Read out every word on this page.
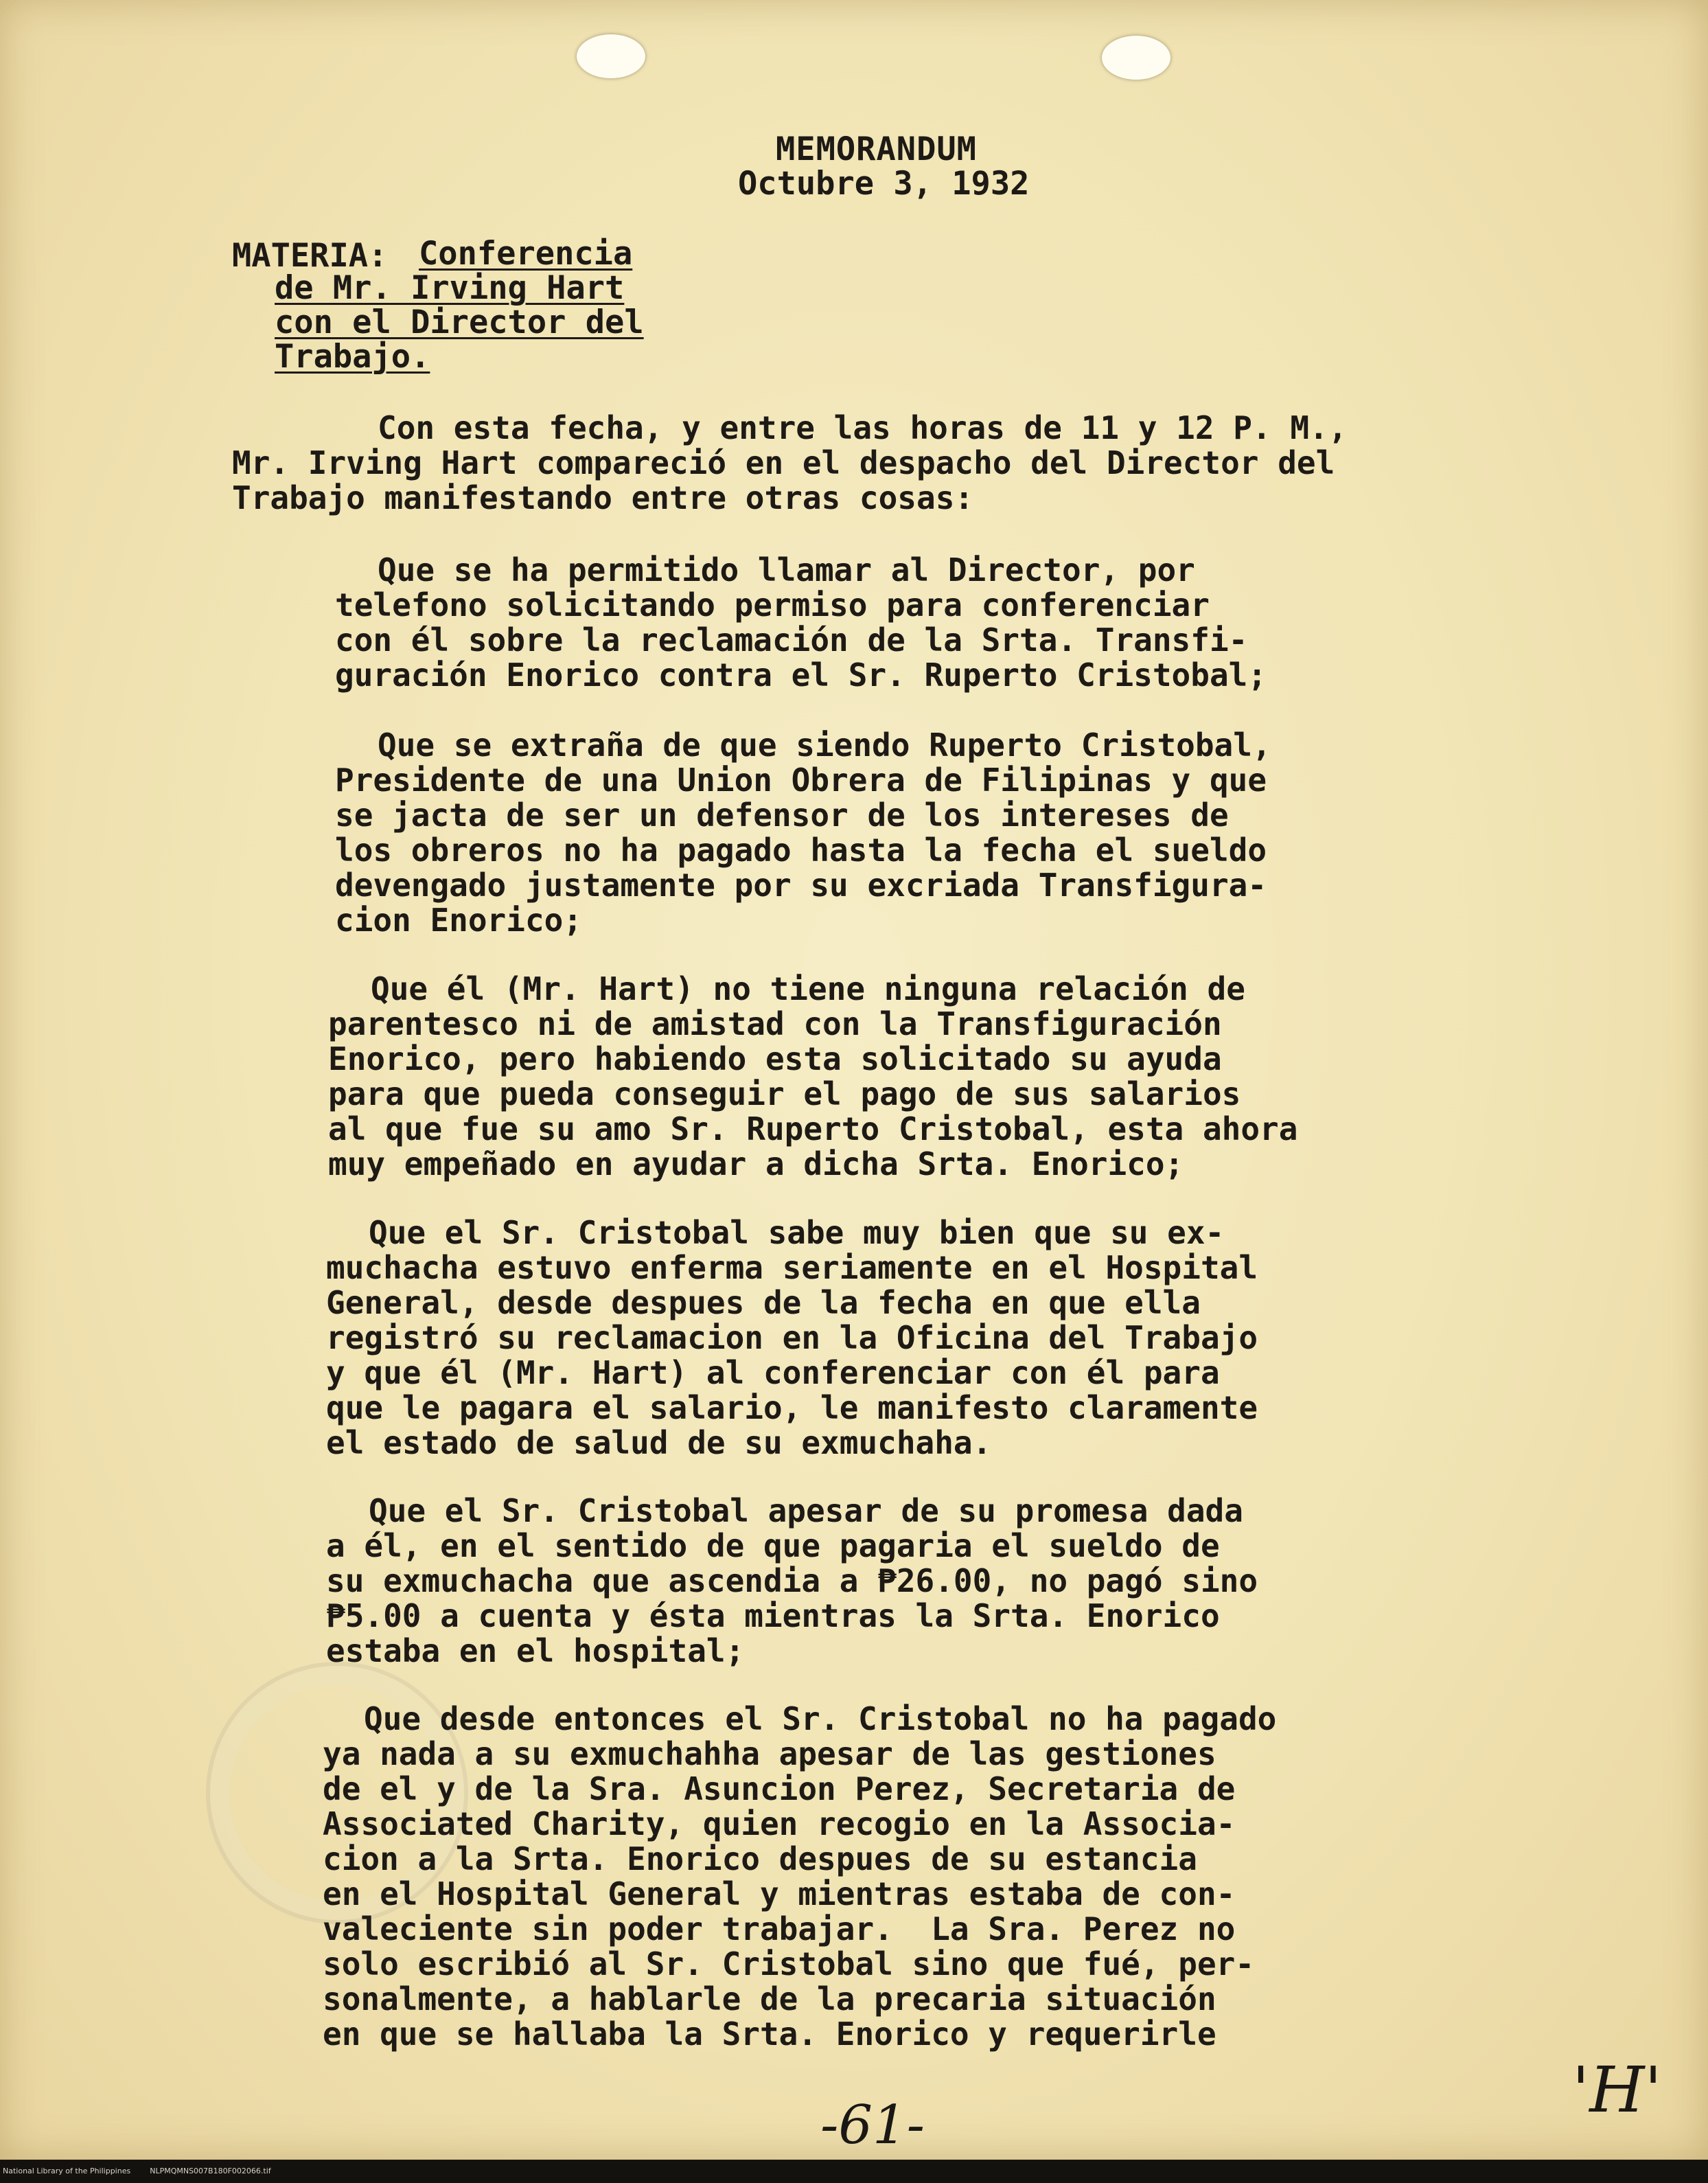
MEMORANDUM
Octubre 3, 1932
MATERIA: Conferencia
de Mr. Irving Hart
con el Director del
Trabajo.
Con esta fecha, y entre las horas de 11 y 12 P. M.,
Mr. Irving Hart compareció en el despacho del Director del
Trabajo manifestando entre otras cosas:
Que se ha permitido llamar al Director, por
telefono solicitando permiso para conferenciar
con él sobre la reclamación de la Srta. Transfi-
guración Enorico contra el Sr. Ruperto Cristobal;
Que se extraña de que siendo Ruperto Cristobal,
Presidente de una Union Obrera de Filipinas y que
se jacta de ser un defensor de los intereses de
los obreros no ha pagado hasta la fecha el sueldo
devengado justamente por su excriada Transfigura-
cion Enorico;
Que él (Mr. Hart) no tiene ninguna relación de
parentesco ni de amistad con la Transfiguración
Enorico, pero habiendo esta solicitado su ayuda
para que pueda conseguir el pago de sus salarios
al que fue su amo Sr. Ruperto Cristobal, esta ahora
muy empeñado en ayudar a dicha Srta. Enorico;
Que el Sr. Cristobal sabe muy bien que su ex-
muchacha estuvo enferma seriamente en el Hospital
General, desde despues de la fecha en que ella
registró su reclamacion en la Oficina del Trabajo
y que él (Mr. Hart) al conferenciar con él para
que le pagara el salario, le manifesto claramente
el estado de salud de su exmuchaha.
Que el Sr. Cristobal apesar de su promesa dada
a él, en el sentido de que pagaria el sueldo de
su exmuchacha que ascendia a ₱26.00, no pagó sino
₱5.00 a cuenta y ésta mientras la Srta. Enorico
estaba en el hospital;
Que desde entonces el Sr. Cristobal no ha pagado
ya nada a su exmuchahha apesar de las gestiones
de el y de la Sra. Asuncion Perez, Secretaria de
Associated Charity, quien recogio en la Associa-
cion a la Srta. Enorico despues de su estancia
en el Hospital General y mientras estaba de con-
valeciente sin poder trabajar.  La Sra. Perez no
solo escribió al Sr. Cristobal sino que fué, per-
sonalmente, a hablarle de la precaria situación
en que se hallaba la Srta. Enorico y requerirle
-61-	'H'
National Library of the Philippines	NLPMQMNS007B180F002066.tif
